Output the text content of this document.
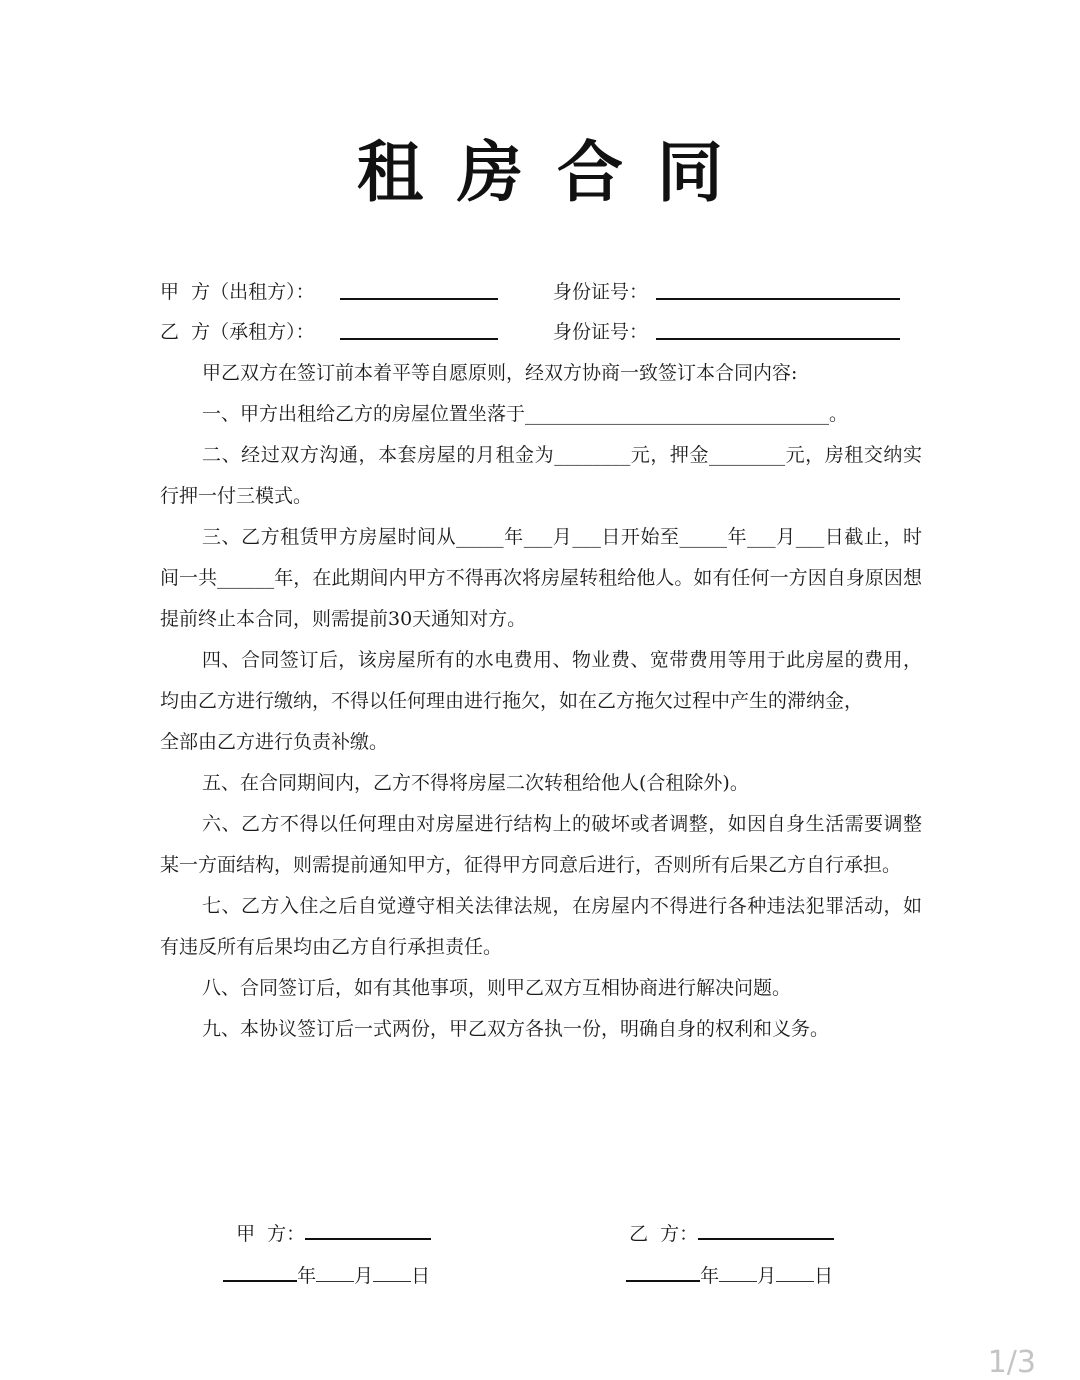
租房合同
甲  方（出租方）：	身份证号：
乙  方（承租方）：	身份证号：

甲乙双方在签订前本着平等自愿原则，经双方协商一致签订本合同内容:

一、甲方出租给乙方的房屋位置坐落于________________________________。

二、经过双方沟通，本套房屋的月租金为________元，押金________元，房租交纳实行押一付三模式。

三、乙方租赁甲方房屋时间从_____年___月___日开始至_____年___月___日截止，时间一共______年，在此期间内甲方不得再次将房屋转租给他人。如有任何一方因自身原因想提前终止本合同，则需提前30天通知对方。

四、合同签订后，该房屋所有的水电费用、物业费、宽带费用等用于此房屋的费用，均由乙方进行缴纳，不得以任何理由进行拖欠，如在乙方拖欠过程中产生的滞纳金，

全部由乙方进行负责补缴。

五、在合同期间内，乙方不得将房屋二次转租给他人(合租除外)。

六、乙方不得以任何理由对房屋进行结构上的破坏或者调整，如因自身生活需要调整某一方面结构，则需提前通知甲方，征得甲方同意后进行，否则所有后果乙方自行承担。

七、乙方入住之后自觉遵守相关法律法规，在房屋内不得进行各种违法犯罪活动，如有违反所有后果均由乙方自行承担责任。

八、合同签订后，如有其他事项，则甲乙双方互相协商进行解决问题。

九、本协议签订后一式两份，甲乙双方各执一份，明确自身的权利和义务。

甲  方：

年 月 日

乙  方：

年 月 日

1/3
